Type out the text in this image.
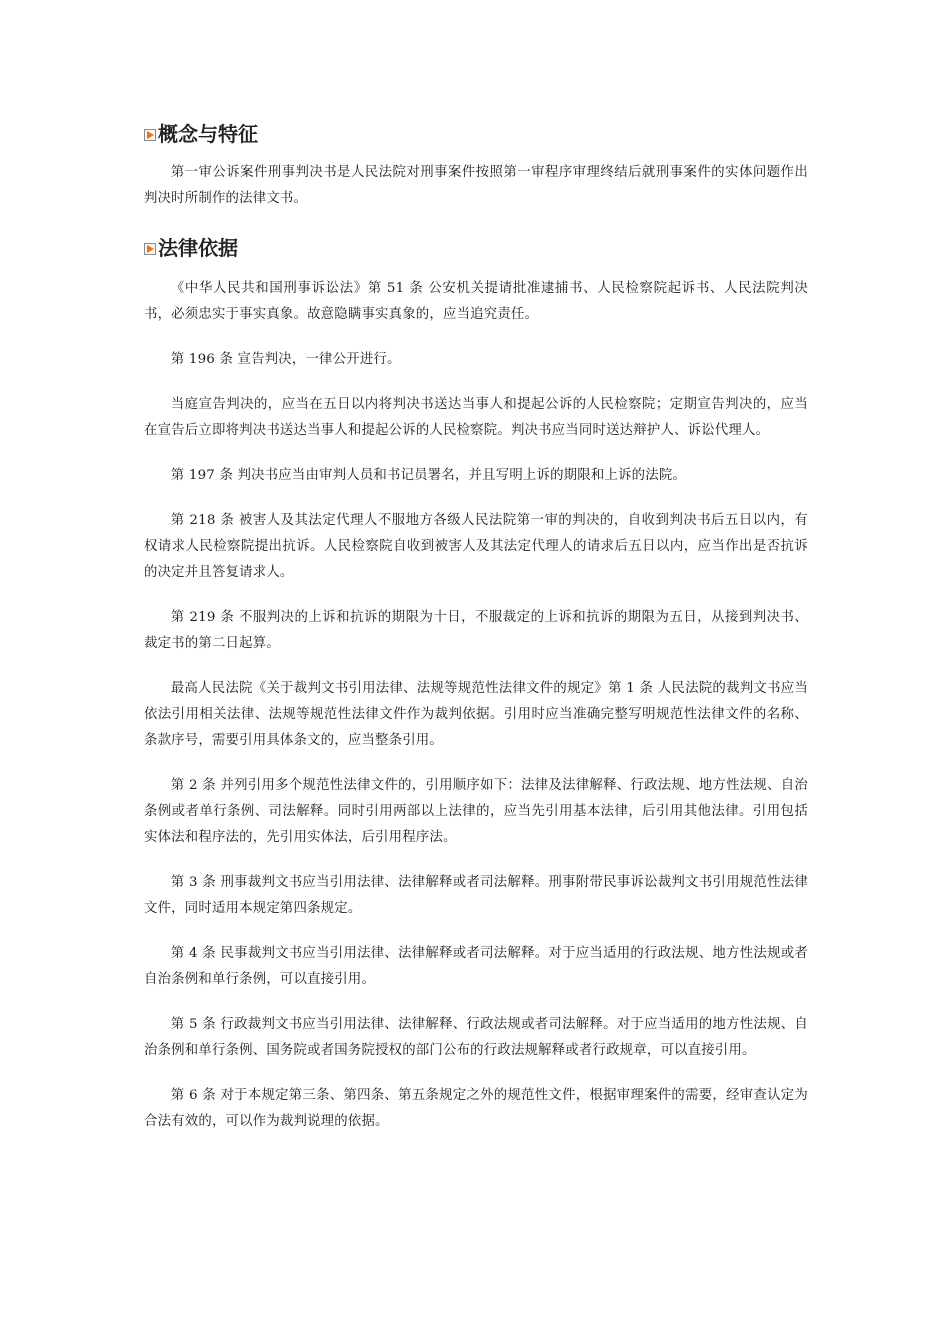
概念与特征

第一审公诉案件刑事判决书是人民法院对刑事案件按照第一审程序审理终结后就刑事案件的实体问题作出判决时所制作的法律文书。

法律依据

《中华人民共和国刑事诉讼法》第 51 条 公安机关提请批准逮捕书、人民检察院起诉书、人民法院判决书，必须忠实于事实真象。故意隐瞒事实真象的，应当追究责任。

第 196 条 宣告判决，一律公开进行。

当庭宣告判决的，应当在五日以内将判决书送达当事人和提起公诉的人民检察院；定期宣告判决的，应当在宣告后立即将判决书送达当事人和提起公诉的人民检察院。判决书应当同时送达辩护人、诉讼代理人。

第 197 条 判决书应当由审判人员和书记员署名，并且写明上诉的期限和上诉的法院。

第 218 条 被害人及其法定代理人不服地方各级人民法院第一审的判决的，自收到判决书后五日以内，有权请求人民检察院提出抗诉。人民检察院自收到被害人及其法定代理人的请求后五日以内，应当作出是否抗诉的决定并且答复请求人。

第 219 条 不服判决的上诉和抗诉的期限为十日，不服裁定的上诉和抗诉的期限为五日，从接到判决书、裁定书的第二日起算。

最高人民法院《关于裁判文书引用法律、法规等规范性法律文件的规定》第 1 条 人民法院的裁判文书应当依法引用相关法律、法规等规范性法律文件作为裁判依据。引用时应当准确完整写明规范性法律文件的名称、条款序号，需要引用具体条文的，应当整条引用。

第 2 条 并列引用多个规范性法律文件的，引用顺序如下：法律及法律解释、行政法规、地方性法规、自治条例或者单行条例、司法解释。同时引用两部以上法律的，应当先引用基本法律，后引用其他法律。引用包括实体法和程序法的，先引用实体法，后引用程序法。

第 3 条 刑事裁判文书应当引用法律、法律解释或者司法解释。刑事附带民事诉讼裁判文书引用规范性法律文件，同时适用本规定第四条规定。

第 4 条 民事裁判文书应当引用法律、法律解释或者司法解释。对于应当适用的行政法规、地方性法规或者自治条例和单行条例，可以直接引用。

第 5 条 行政裁判文书应当引用法律、法律解释、行政法规或者司法解释。对于应当适用的地方性法规、自治条例和单行条例、国务院或者国务院授权的部门公布的行政法规解释或者行政规章，可以直接引用。

第 6 条 对于本规定第三条、第四条、第五条规定之外的规范性文件，根据审理案件的需要，经审查认定为合法有效的，可以作为裁判说理的依据。
